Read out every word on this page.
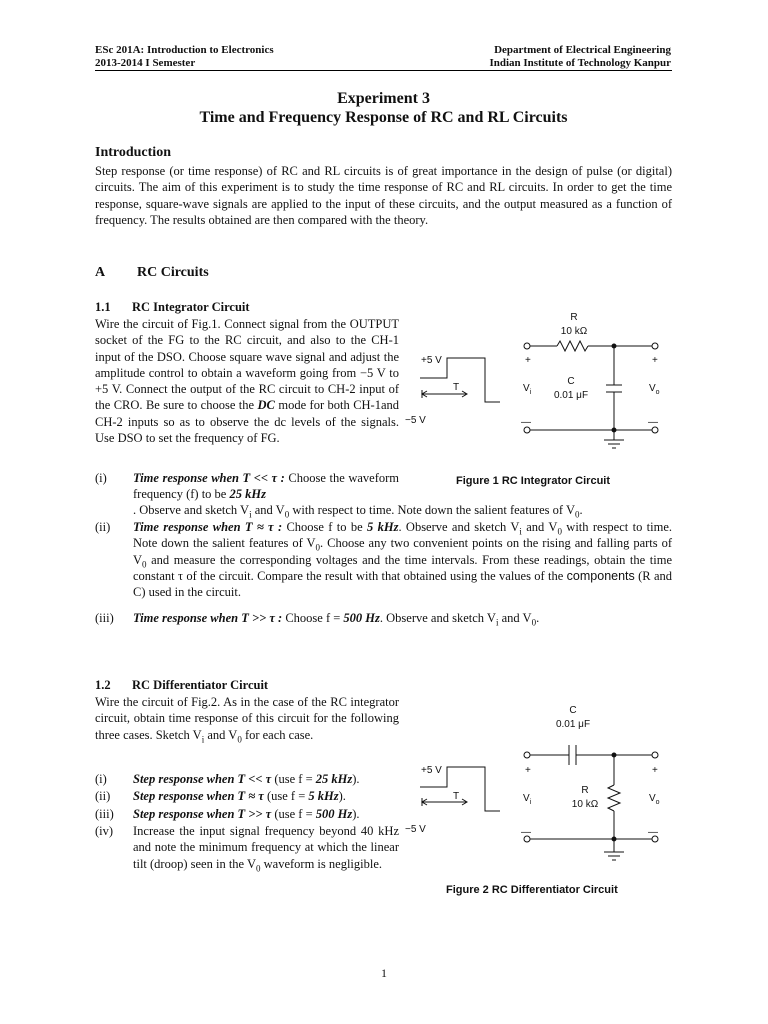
ESc 201A: Introduction to Electronics
2013-2014 I Semester
Department of Electrical Engineering
Indian Institute of Technology Kanpur
Experiment 3
Time and Frequency Response of RC and RL Circuits
Introduction
Step response (or time response) of RC and RL circuits is of great importance in the design of pulse (or digital) circuits. The aim of this experiment is to study the time response of RC and RL circuits. In order to get the time response, square-wave signals are applied to the input of these circuits, and the output measured as a function of frequency. The results obtained are then compared with the theory.
A RC Circuits
1.1 RC Integrator Circuit
Wire the circuit of Fig.1. Connect signal from the OUTPUT socket of the FG to the RC circuit, and also to the CH-1 input of the DSO. Choose square wave signal and adjust the amplitude control to obtain a waveform going from −5 V to +5 V. Connect the output of the RC circuit to CH-2 input of the CRO. Be sure to choose the DC mode for both CH-1and CH-2 inputs so as to observe the dc levels of the signals. Use DSO to set the frequency of FG.
(i)	Time response when T << τ : Choose the waveform frequency (f) to be 25 kHz
. Observe and sketch $V_i$ and $V_0$ with respect to time. Note down the salient features of $V_0$.
(ii)	Time response when T ≈ τ : Choose f to be 5 kHz. Observe and sketch $V_i$ and $V_0$ with respect to time. Note down the salient features of $V_0$. Choose any two convenient points on the rising and falling parts of $V_0$ and measure the corresponding voltages and the time intervals. From these readings, obtain the time constant τ of the circuit. Compare the result with that obtained using the values of the components (R and C) used in the circuit.
(iii)	Time response when T >> τ : Choose f = 500 Hz. Observe and sketch $V_i$ and $V_0$.
R
10 kΩ
+5 V
−5 V
T
+	+
—	—
$V_i$	$V_o$
C
0.01 μF
Figure 1 RC Integrator Circuit
1.2 RC Differentiator Circuit
Wire the circuit of Fig.2. As in the case of the RC integrator circuit, obtain time response of this circuit for the following three cases. Sketch $V_i$ and $V_0$ for each case.
(i)	Step response when T << τ (use f = 25 kHz).
(ii)	Step response when T ≈ τ (use f = 5 kHz).
(iii)	Step response when T >> τ (use f = 500 Hz).
(iv)	Increase the input signal frequency beyond 40 kHz and note the minimum frequency at which the linear tilt (droop) seen in the $V_0$ waveform is negligible.
C
0.01 μF
+5 V
−5 V
T
+	+
—	—
$V_i$	$V_o$
R
10 kΩ
Figure 2 RC Differentiator Circuit
1
